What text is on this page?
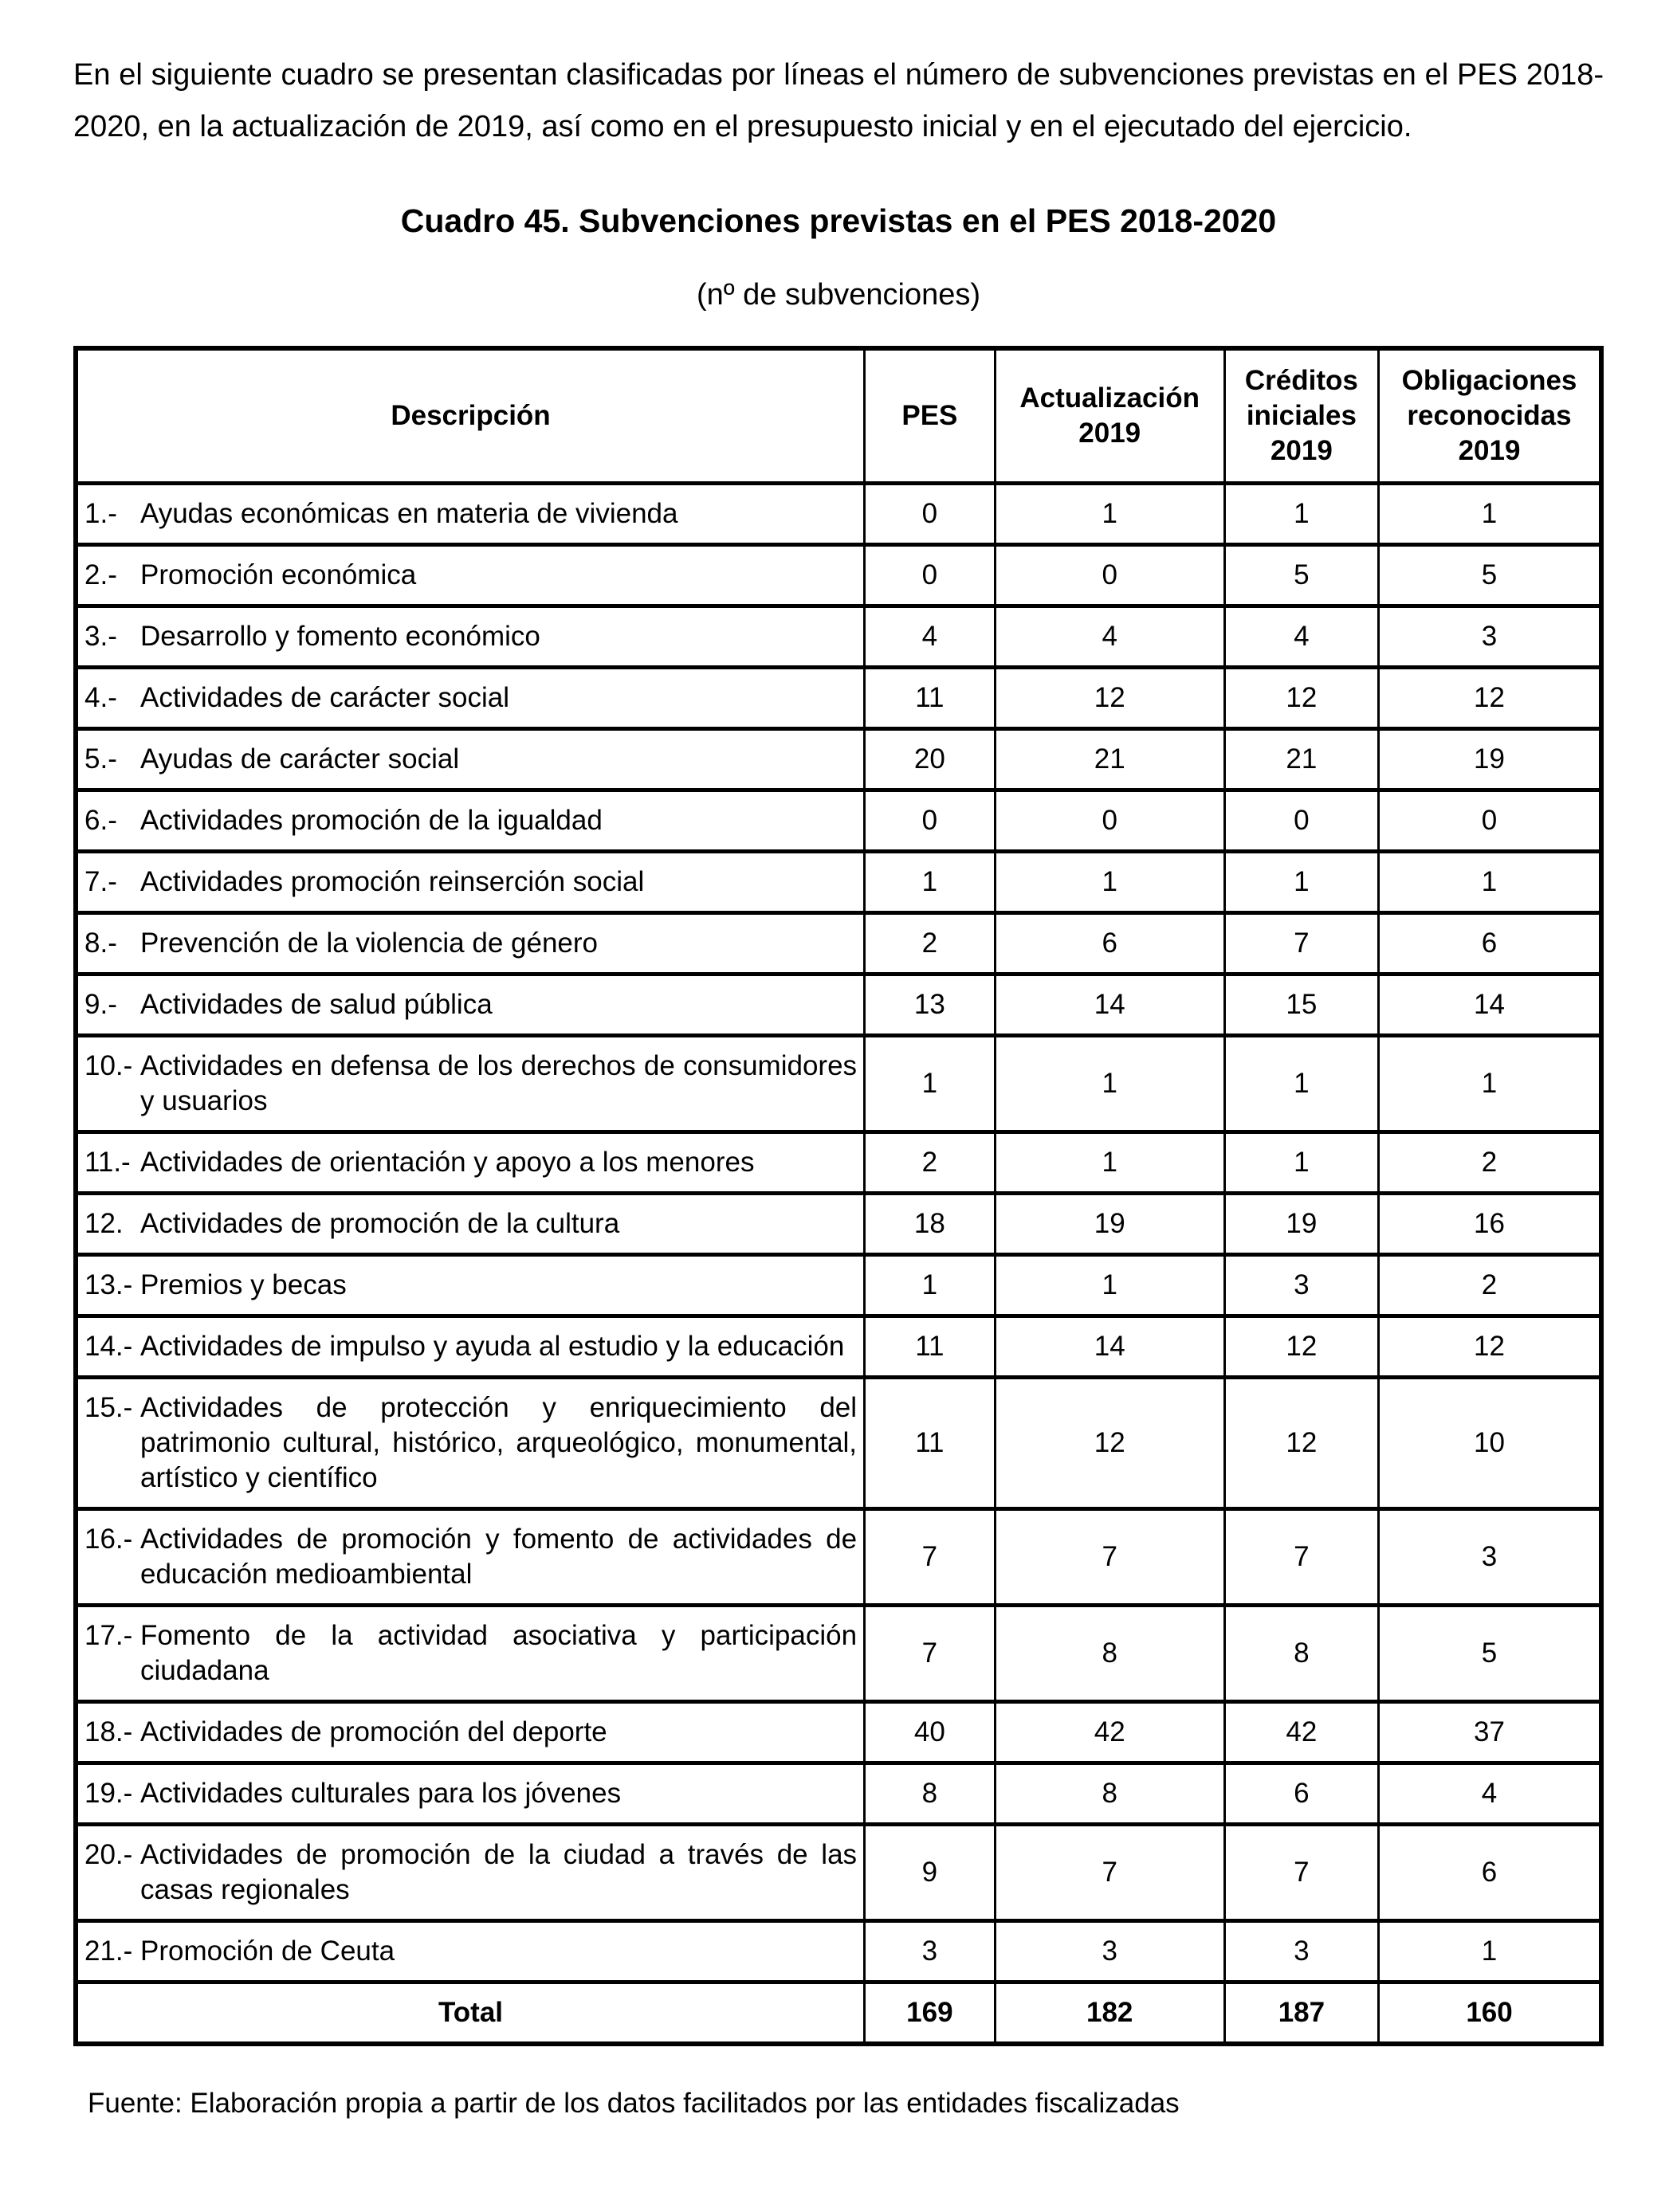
En el siguiente cuadro se presentan clasificadas por líneas el número de subvenciones previstas en el PES 2018-2020, en la actualización de 2019, así como en el presupuesto inicial y en el ejecutado del ejercicio.

Cuadro 45. Subvenciones previstas en el PES 2018-2020

(nº de subvenciones)

Descripción	PES	Actualización 2019	Créditos iniciales 2019	Obligaciones reconocidas 2019

1.- Ayudas económicas en materia de vivienda	0	1	1	1

2.- Promoción económica	0	0	5	5

3.- Desarrollo y fomento económico	4	4	4	3

4.- Actividades de carácter social	11	12	12	12

5.- Ayudas de carácter social	20	21	21	19

6.- Actividades promoción de la igualdad	0	0	0	0

7.- Actividades promoción reinserción social	1	1	1	1

8.- Prevención de la violencia de género	2	6	7	6

9.- Actividades de salud pública	13	14	15	14

10.- Actividades en defensa de los derechos de consumidores y usuarios	1	1	1	1

11.- Actividades de orientación y apoyo a los menores	2	1	1	2

12. Actividades de promoción de la cultura	18	19	19	16

13.- Premios y becas	1	1	3	2

14.- Actividades de impulso y ayuda al estudio y la educación	11	14	12	12

15.- Actividades de protección y enriquecimiento del patrimonio cultural, histórico, arqueológico, monumental, artístico y científico	11	12	12	10

16.- Actividades de promoción y fomento de actividades de educación medioambiental	7	7	7	3

17.- Fomento de la actividad asociativa y participación ciudadana	7	8	8	5

18.- Actividades de promoción del deporte	40	42	42	37

19.- Actividades culturales para los jóvenes	8	8	6	4

20.- Actividades de promoción de la ciudad a través de las casas regionales	9	7	7	6

21.- Promoción de Ceuta	3	3	3	1
Total	169	182	187	160

Fuente: Elaboración propia a partir de los datos facilitados por las entidades fiscalizadas
